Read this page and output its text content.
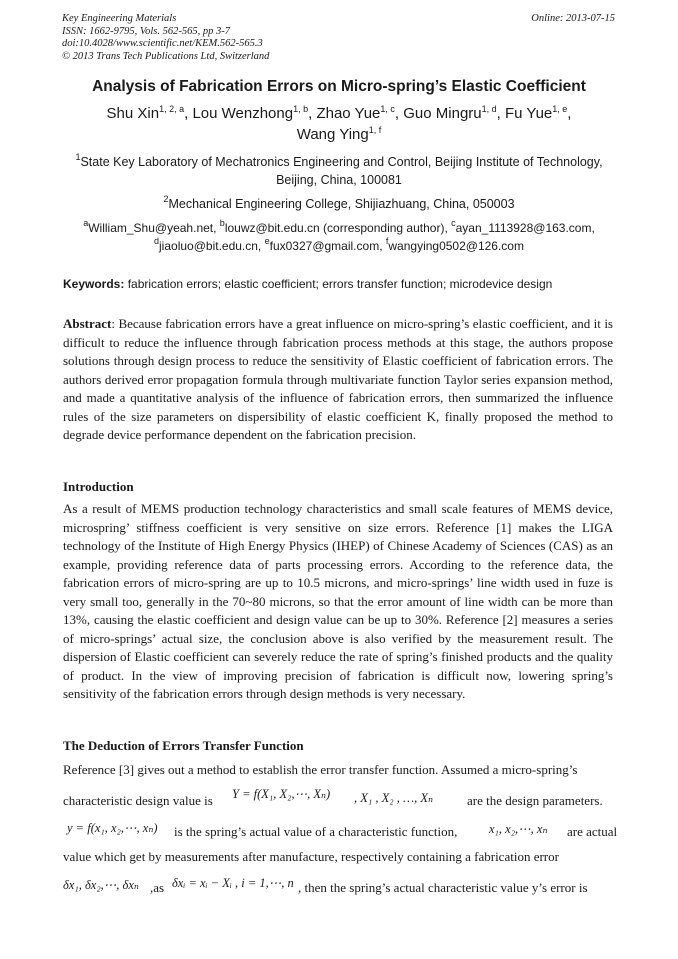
Key Engineering Materials
ISSN: 1662-9795, Vols. 562-565, pp 3-7
doi:10.4028/www.scientific.net/KEM.562-565.3
© 2013 Trans Tech Publications Ltd, Switzerland
Online: 2013-07-15
Analysis of Fabrication Errors on Micro-spring’s Elastic Coefficient
Shu Xin$^{1, 2, a}$, Lou Wenzhong$^{1, b}$, Zhao Yue$^{1, c}$, Guo Mingru$^{1, d}$, Fu Yue$^{1, e}$,
Wang Ying$^{1, f}$
$^1$State Key Laboratory of Mechatronics Engineering and Control, Beijing Institute of Technology,
Beijing, China, 100081
$^2$Mechanical Engineering College, Shijiazhuang, China, 050003
$^a$William_Shu@yeah.net, $^b$louwz@bit.edu.cn (corresponding author), $^c$ayan_1113928@163.com,
$^d$jiaoluo@bit.edu.cn, $^e$fux0327@gmail.com, $^f$wangying0502@126.com
Keywords: fabrication errors; elastic coefficient; errors transfer function; microdevice design
Abstract: Because fabrication errors have a great influence on micro-spring’s elastic coefficient, and it is difficult to reduce the influence through fabrication process methods at this stage, the authors propose solutions through design process to reduce the sensitivity of Elastic coefficient of fabrication errors. The authors derived error propagation formula through multivariate function Taylor series expansion method, and made a quantitative analysis of the influence of fabrication errors, then summarized the influence rules of the size parameters on dispersibility of elastic coefficient K, finally proposed the method to degrade device performance dependent on the fabrication precision.
Introduction
As a result of MEMS production technology characteristics and small scale features of MEMS device, microspring’ stiffness coefficient is very sensitive on size errors. Reference [1] makes the LIGA technology of the Institute of High Energy Physics (IHEP) of Chinese Academy of Sciences (CAS) as an example, providing reference data of parts processing errors. According to the reference data, the fabrication errors of micro-spring are up to 10.5 microns, and micro-springs’ line width used in fuze is very small too, generally in the 70~80 microns, so that the error amount of line width can be more than 13%, causing the elastic coefficient and design value can be up to 30%. Reference [2] measures a series of micro-springs’ actual size, the conclusion above is also verified by the measurement result. The dispersion of Elastic coefficient can severely reduce the rate of spring’s finished products and the quality of product. In the view of improving precision of fabrication is difficult now, lowering spring’s sensitivity of the fabrication errors through design methods is very necessary.
The Deduction of Errors Transfer Function
Reference [3] gives out a method to establish the error transfer function. Assumed a micro-spring’s
characteristic design value is Y = f(X₁, X₂,⋯, Xₙ) , X₁ , X₂ , …, Xₙ	are the design parameters.
y = f(x₁, x₂,⋯, xₙ) is the spring’s actual value of a characteristic function,	x₁, x₂,⋯, xₙ are actual
value which get by measurements after manufacture, respectively containing a fabrication error
δx₁, δx₂,⋯, δxₙ ,as δxᵢ = xᵢ − Xᵢ , i = 1,⋯, n , then the spring’s actual characteristic value y’s error is
